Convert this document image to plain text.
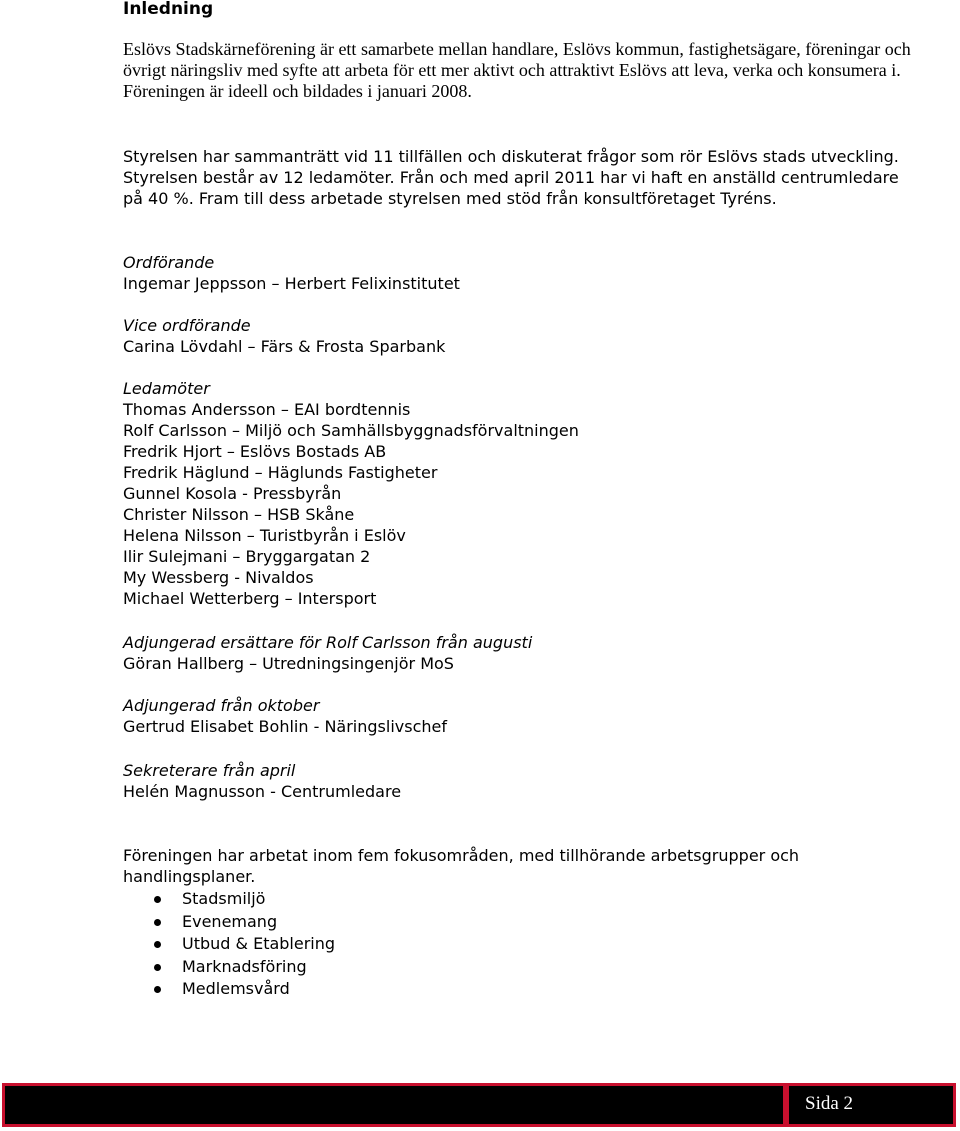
Inledning
Eslövs Stadskärneförening är ett samarbete mellan handlare, Eslövs kommun, fastighetsägare, föreningar och övrigt näringsliv med syfte att arbeta för ett mer aktivt och attraktivt Eslövs att leva, verka och konsumera i. Föreningen är ideell och bildades i januari 2008.
Styrelsen har sammanträtt vid 11 tillfällen och diskuterat frågor som rör Eslövs stads utveckling. Styrelsen består av 12 ledamöter. Från och med april 2011 har vi haft en anställd centrumledare på 40 %. Fram till dess arbetade styrelsen med stöd från konsultföretaget Tyréns.
Ordförande
Ingemar Jeppsson – Herbert Felixinstitutet
Vice ordförande
Carina Lövdahl – Färs & Frosta Sparbank
Ledamöter
Thomas Andersson – EAI bordtennis
Rolf Carlsson – Miljö och Samhällsbyggnadsförvaltningen
Fredrik Hjort – Eslövs Bostads AB
Fredrik Häglund – Häglunds Fastigheter
Gunnel Kosola - Pressbyrån
Christer Nilsson – HSB Skåne
Helena Nilsson – Turistbyrån i Eslöv
Ilir Sulejmani – Bryggargatan 2
My Wessberg - Nivaldos
Michael Wetterberg – Intersport
Adjungerad ersättare för Rolf Carlsson från augusti
Göran Hallberg – Utredningsingenjör MoS
Adjungerad från oktober
Gertrud Elisabet Bohlin - Näringslivschef
Sekreterare från april
Helén Magnusson - Centrumledare
Föreningen har arbetat inom fem fokusområden, med tillhörande arbetsgrupper och handlingsplaner.
Stadsmiljö
Evenemang
Utbud & Etablering
Marknadsföring
Medlemsvård
Sida 2
